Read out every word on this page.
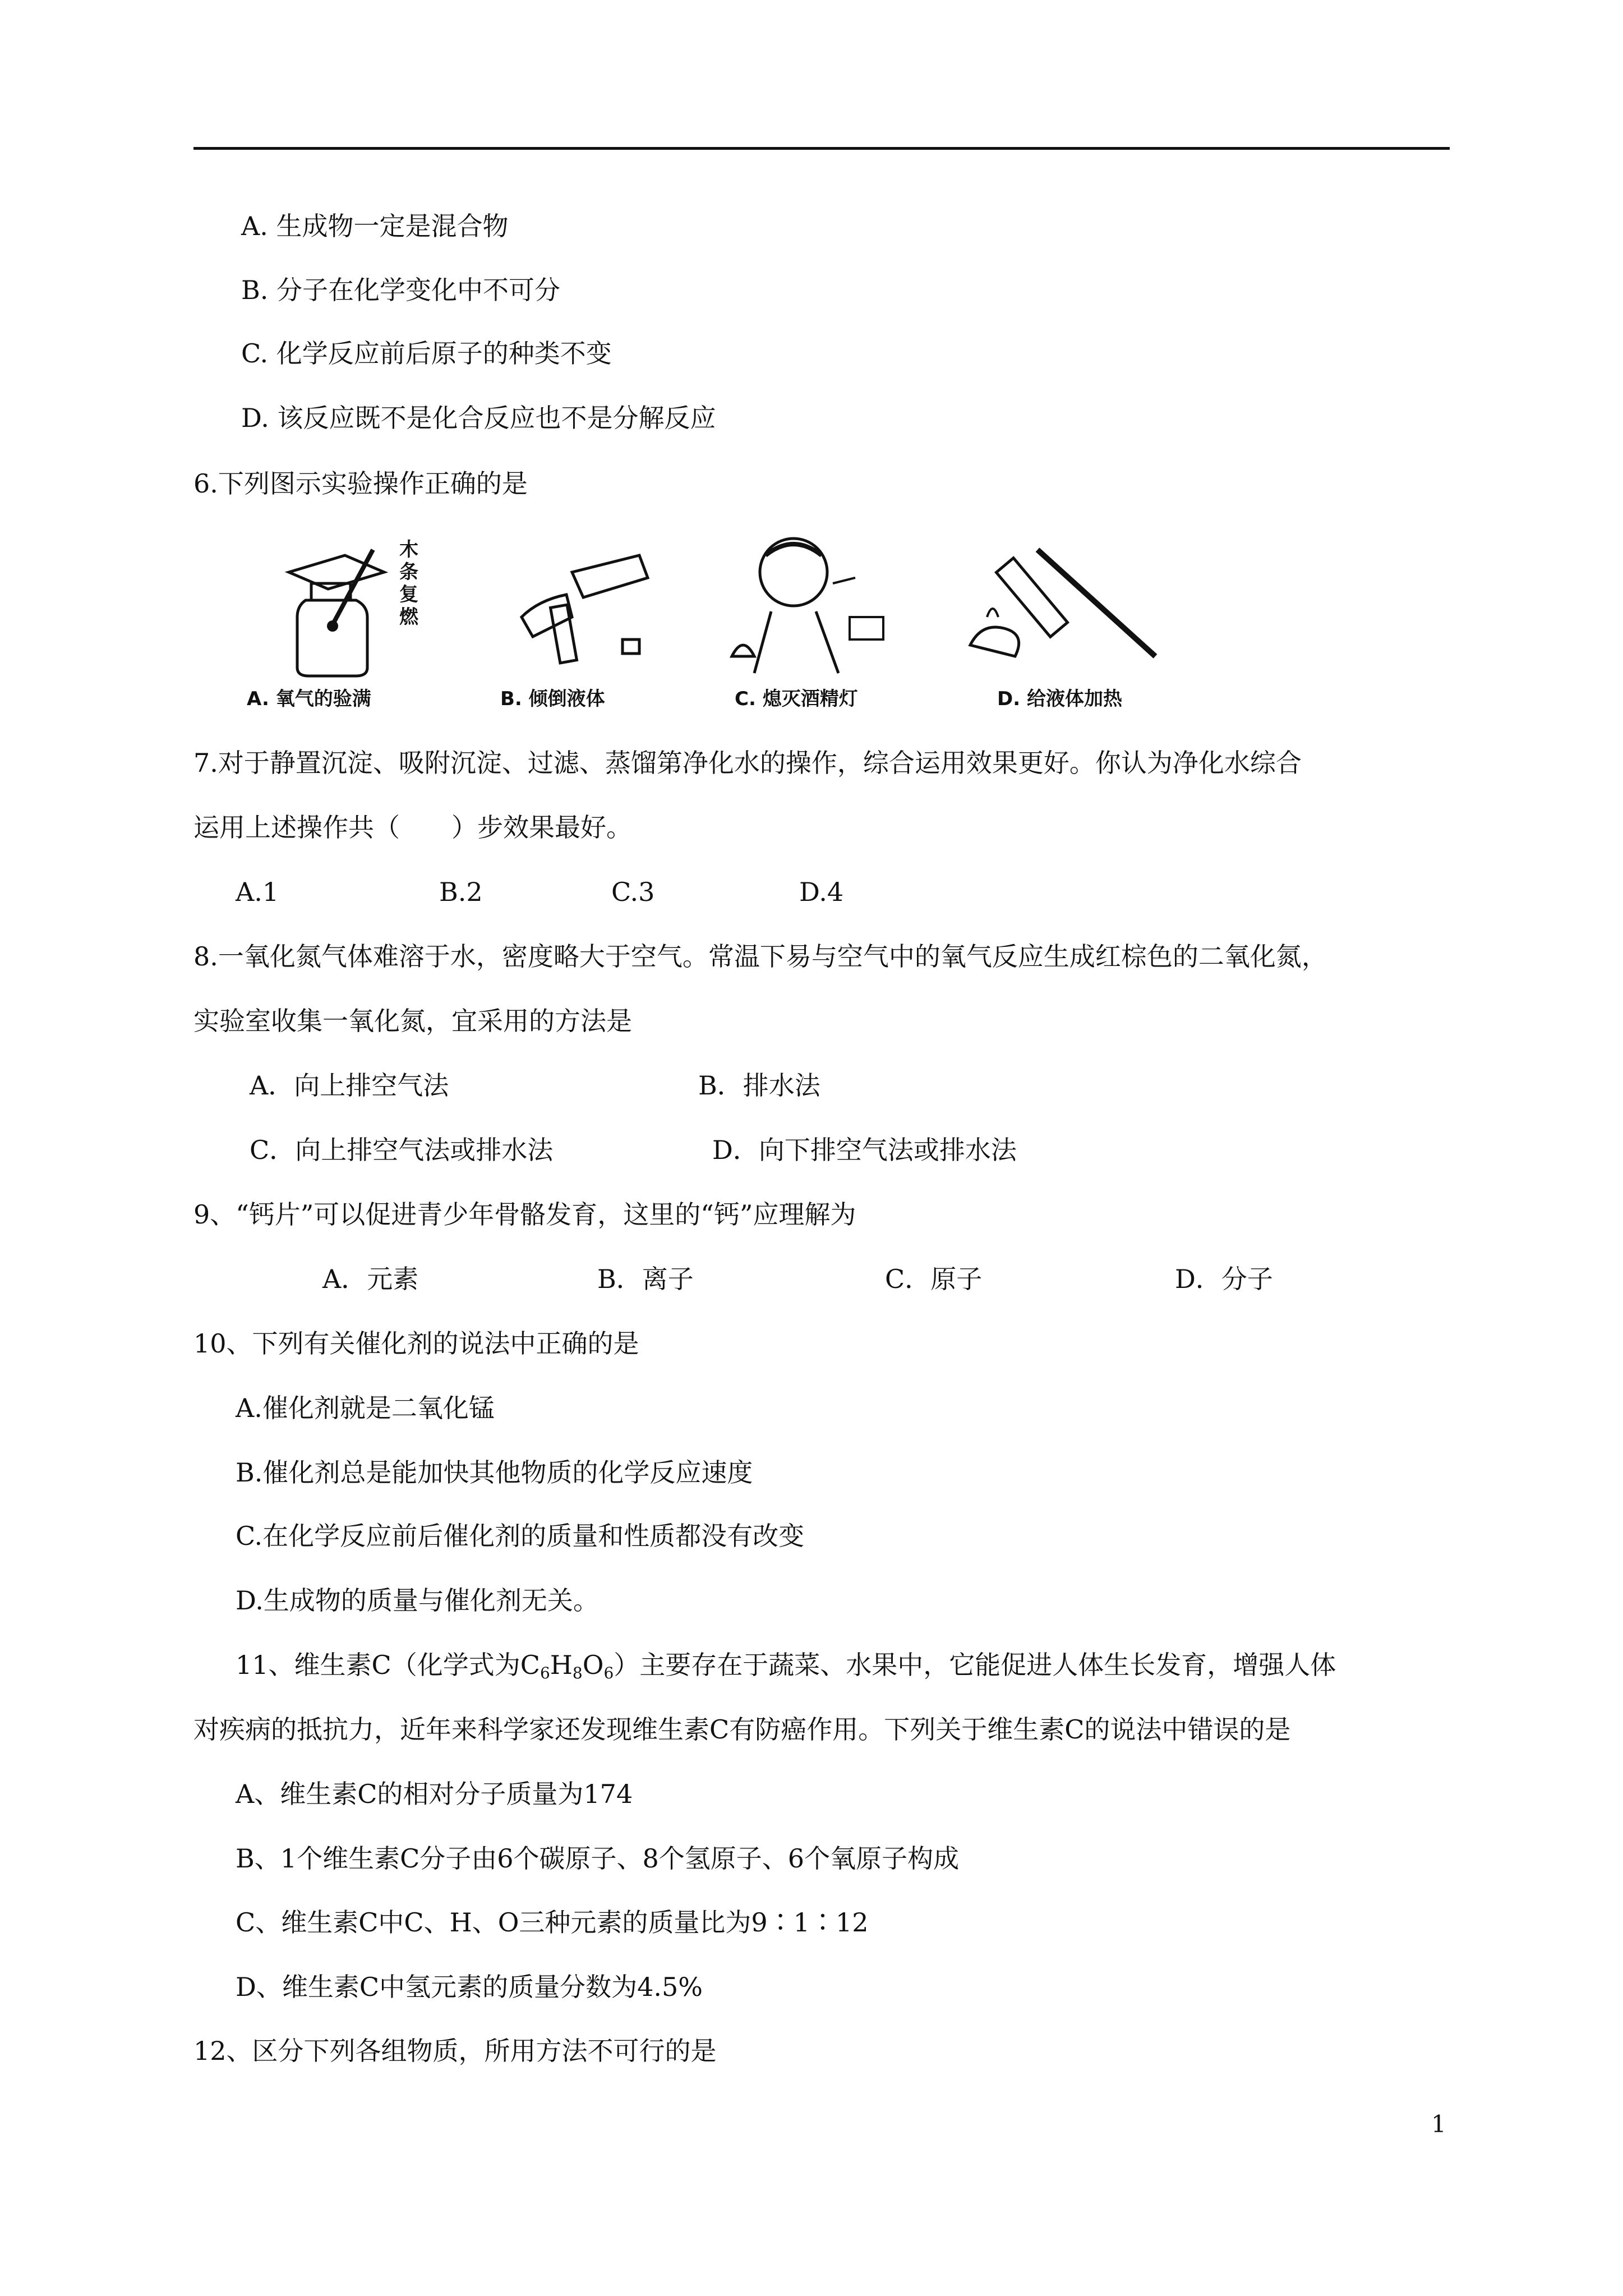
A. 生成物一定是混合物
B. 分子在化学变化中不可分
C. 化学反应前后原子的种类不变
D. 该反应既不是化合反应也不是分解反应
6.下列图示实验操作正确的是
木条复燃
A. 氧气的验满	B. 倾倒液体	C. 熄灭酒精灯	D. 给液体加热
7.对于静置沉淀、吸附沉淀、过滤、蒸馏第净化水的操作，综合运用效果更好。你认为净化水综合
运用上述操作共（　　）步效果最好。
A.1	B.2	C.3	D.4
8.一氧化氮气体难溶于水，密度略大于空气。常温下易与空气中的氧气反应生成红棕色的二氧化氮，
实验室收集一氧化氮，宜采用的方法是
A．向上排空气法	B．排水法
C．向上排空气法或排水法	D．向下排空气法或排水法
9、“钙片”可以促进青少年骨骼发育，这里的“钙”应理解为
A．元素	B．离子	C．原子	D．分子
10、下列有关催化剂的说法中正确的是
A.催化剂就是二氧化锰
B.催化剂总是能加快其他物质的化学反应速度
C.在化学反应前后催化剂的质量和性质都没有改变
D.生成物的质量与催化剂无关。
11、维生素C（化学式为$C_6H_8O_6$）主要存在于蔬菜、水果中，它能促进人体生长发育，增强人体
对疾病的抵抗力，近年来科学家还发现维生素C有防癌作用。下列关于维生素C的说法中错误的是
A、维生素C的相对分子质量为174
B、1个维生素C分子由6个碳原子、8个氢原子、6个氧原子构成
C、维生素C中C、H、O三种元素的质量比为9∶1∶12
D、维生素C中氢元素的质量分数为4.5%
12、区分下列各组物质，所用方法不可行的是
1
